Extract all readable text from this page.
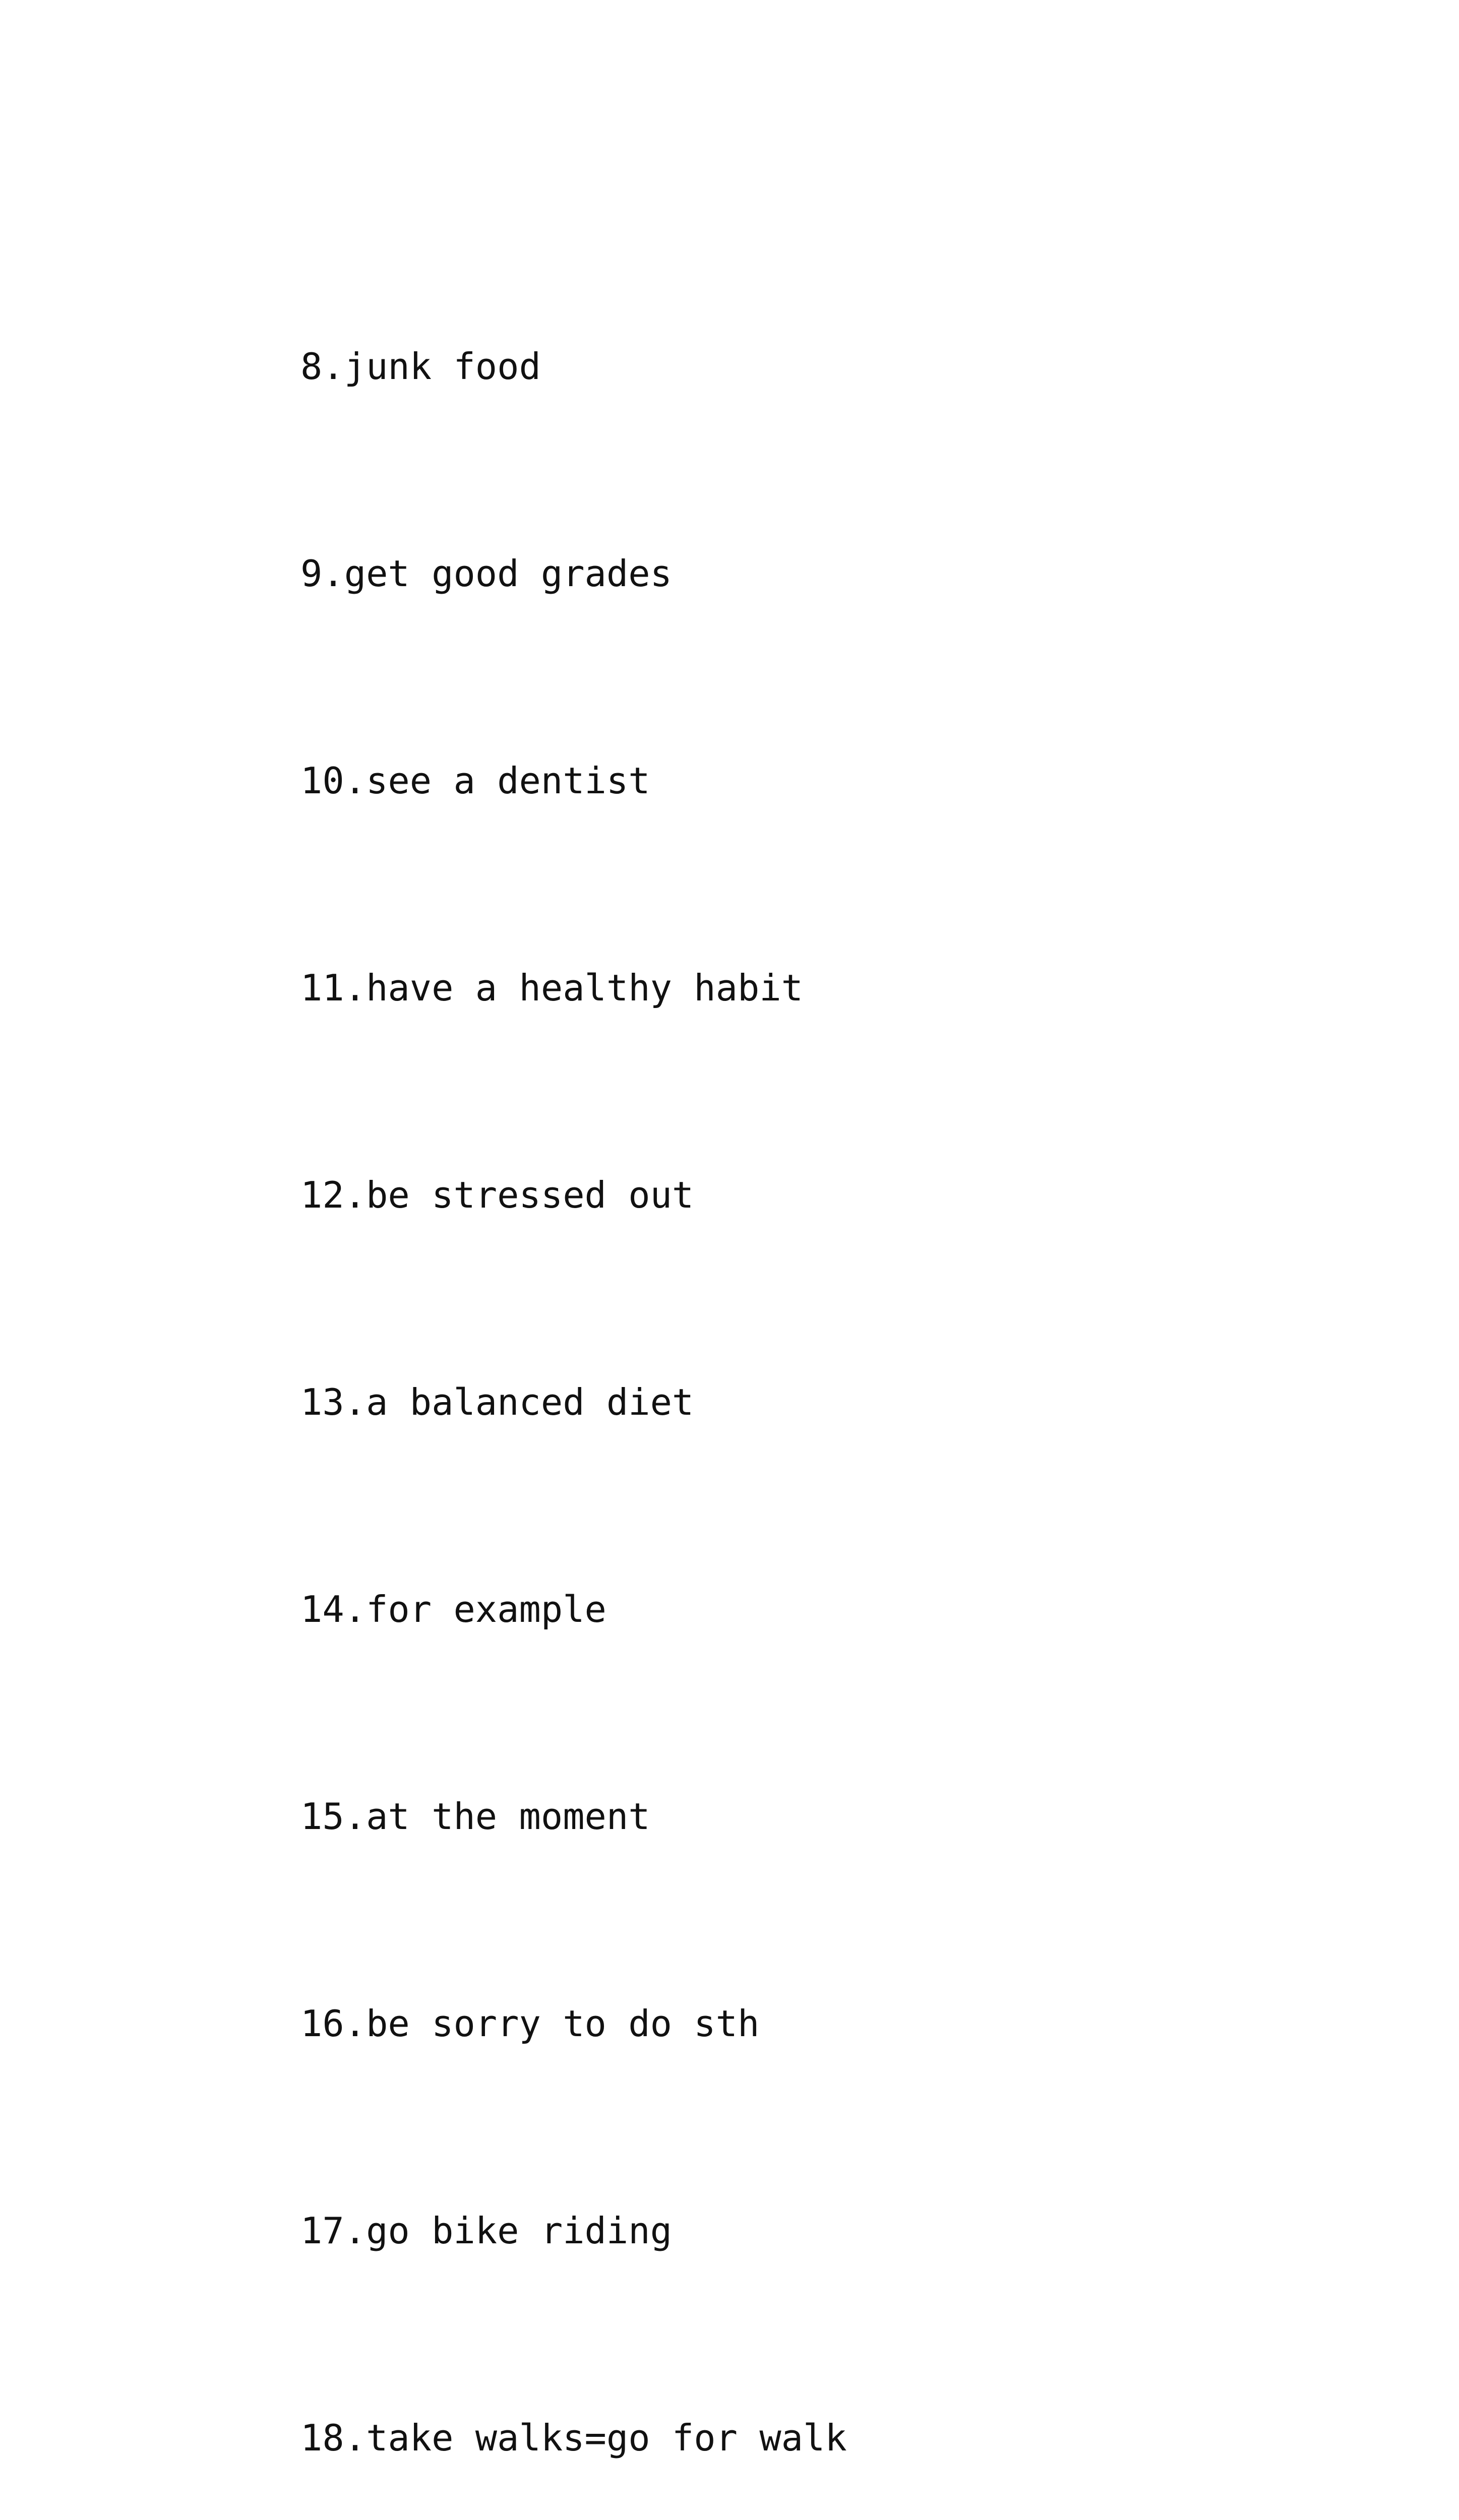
8 . junk food

9 . get good grades

10 . see a dentist

11 . have a healthy habit

12 . be stressed out

13 . a balanced diet

14 . for example

15 . at the moment

16 . be sorry to do sth

17 . go bike riding

18 . take walks=go for walk
